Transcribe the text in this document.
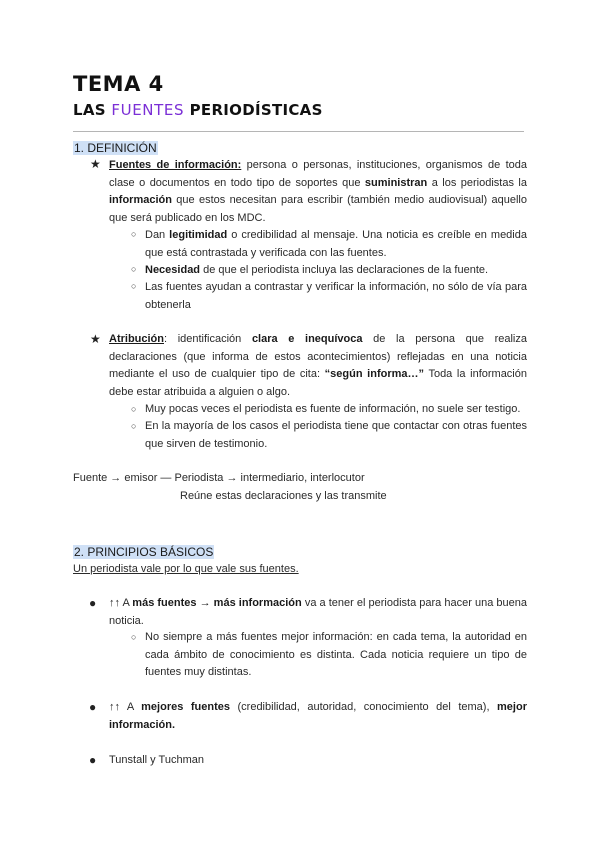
TEMA 4
LAS FUENTES PERIODÍSTICAS
1. DEFINICIÓN
★ Fuentes de información: persona o personas, instituciones, organismos de toda clase o documentos en todo tipo de soportes que suministran a los periodistas la información que estos necesitan para escribir (también medio audiovisual) aquello que será publicado en los MDC.
○ Dan legitimidad o credibilidad al mensaje. Una noticia es creíble en medida que está contrastada y verificada con las fuentes.
○ Necesidad de que el periodista incluya las declaraciones de la fuente.
○ Las fuentes ayudan a contrastar y verificar la información, no sólo de vía para obtenerla
★ Atribución: identificación clara e inequívoca de la persona que realiza declaraciones (que informa de estos acontecimientos) reflejadas en una noticia mediante el uso de cualquier tipo de cita: “según informa…” Toda la información debe estar atribuida a alguien o algo.
○ Muy pocas veces el periodista es fuente de información, no suele ser testigo.
○ En la mayoría de los casos el periodista tiene que contactar con otras fuentes que sirven de testimonio.
Fuente → emisor — Periodista → intermediario, interlocutor
Reúne estas declaraciones y las transmite
2. PRINCIPIOS BÁSICOS
Un periodista vale por lo que vale sus fuentes.
● ↑↑ A más fuentes → más información va a tener el periodista para hacer una buena noticia.
○ No siempre a más fuentes mejor información: en cada tema, la autoridad en cada ámbito de conocimiento es distinta. Cada noticia requiere un tipo de fuentes muy distintas.
● ↑↑ A mejores fuentes (credibilidad, autoridad, conocimiento del tema), mejor información.
● Tunstall y Tuchman
